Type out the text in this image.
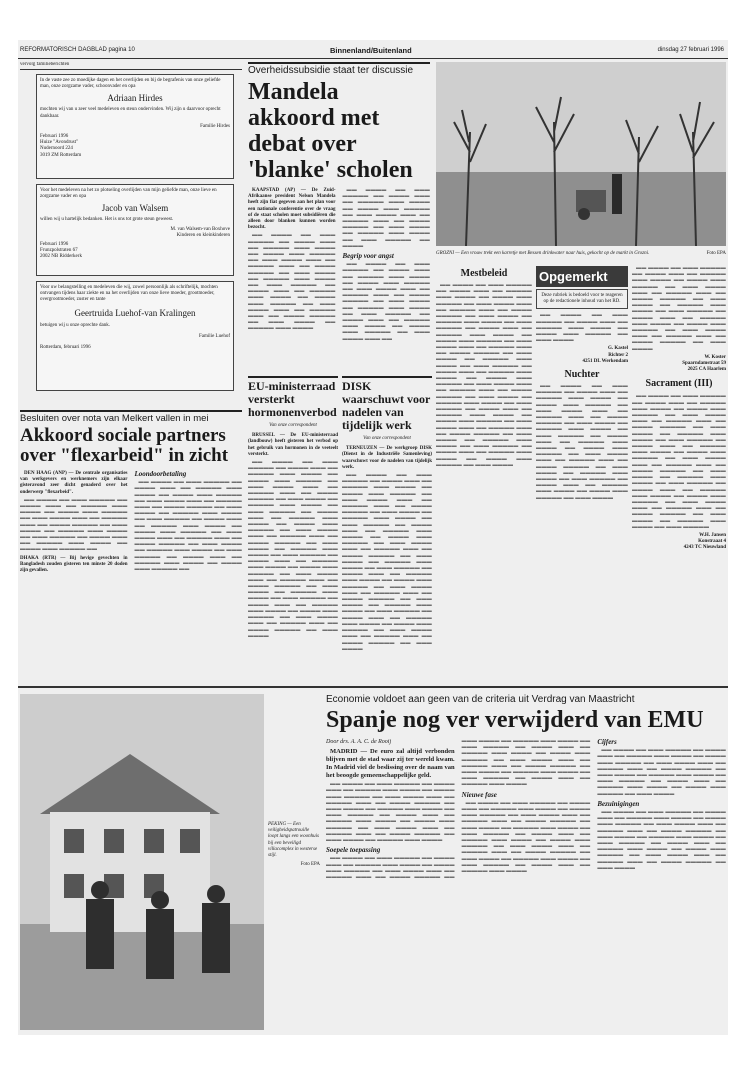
REFORMATORISCH DAGBLAD pagina 10	Binnenland/Buitenland	dinsdag 27 februari 1996
vervolg familieberichten
In de vaste zee zo moedijke dagen en het overlijden en bij de begrafenis van onze geliefde man, onze zorgzame vader, schoonvader en opa
Adriaan Hirdes
mochten wij van u zeer veel medeleven en steun ondervinden. Wij zijn u daarvoor oprecht dankbaar.
Familie Hirdes
Februari 1996
Huize "Avondrust"
Nudernoord 224
3019 ZM Rotterdam
Voor het medeleven na het zo plotseling overlijden van mijn geliefde man, onze lieve en zorgzame vader en opa
Jacob van Walsem
willen wij u hartelijk bedanken. Het is ons tot grote steun geweest.
M. van Walsem-van Boxhove
Kinderen en kleinkinderen
Februari 1996
Frunzpolstraten 67
2002 NB Ridderkerk
Voor uw belangstelling en medeleven die wij, zowel persoonlijk als schriftelijk, mochten ontvangen tijdens haar ziekte en na het overlijden van onze lieve moeder, grootmoeder, overgrootmoeder, zuster en tante
Geertruida Luehof-van Kralingen
betuigen wij u onze oprechte dank.
Familie Luehof
Rotterdam, februari 1996
Overheidssubsidie staat ter discussie
Mandela akkoord met debat over 'blanke' scholen

KAAPSTAD (AP) — De Zuid-Afrikaanse president Nelson Mandela heeft zijn fiat gegeven aan het plan voor een nationale conferentie over de vraag of de staat scholen moet subsidiëren die alleen door blanken kunnen worden bezocht.

▬▬ ▬▬▬▬ ▬▬ ▬▬▬ ▬▬▬▬▬ ▬▬ ▬▬▬▬ ▬▬▬ ▬▬ ▬▬▬▬▬ ▬▬▬ ▬▬▬▬ ▬▬ ▬▬▬▬ ▬▬▬ ▬▬▬▬▬ ▬▬ ▬▬▬ ▬▬▬▬ ▬▬▬ ▬▬ ▬▬▬▬▬ ▬▬▬ ▬▬ ▬▬▬▬ ▬▬▬▬▬ ▬▬ ▬▬▬ ▬▬▬▬ ▬▬ ▬▬▬▬▬ ▬▬▬ ▬▬▬▬ ▬▬ ▬▬▬ ▬▬▬▬▬ ▬▬ ▬▬▬▬ ▬▬▬ ▬▬ ▬▬▬▬▬ ▬▬▬ ▬▬▬▬ ▬▬ ▬▬▬▬ ▬▬▬ ▬▬▬▬▬ ▬▬ ▬▬▬ ▬▬▬▬ ▬▬▬ ▬▬ ▬▬▬▬▬ ▬▬▬ ▬▬ ▬▬▬▬ ▬▬▬▬▬ ▬▬ ▬▬▬ ▬▬▬▬ ▬▬ ▬▬▬▬▬ ▬▬▬ ▬▬▬▬

▬▬ ▬▬▬▬ ▬▬ ▬▬▬ ▬▬▬▬▬ ▬▬ ▬▬▬▬ ▬▬▬ ▬▬ ▬▬▬▬▬ ▬▬▬ ▬▬▬▬ ▬▬ ▬▬▬▬ ▬▬▬ ▬▬▬▬▬ ▬▬ ▬▬▬ ▬▬▬▬ ▬▬▬ ▬▬ ▬▬▬▬▬ ▬▬▬ ▬▬ ▬▬▬▬ ▬▬▬▬▬ ▬▬ ▬▬▬ ▬▬▬▬ ▬▬ ▬▬▬▬▬ ▬▬▬ ▬▬▬▬ ▬▬ ▬▬▬ ▬▬▬▬▬ ▬▬ ▬▬▬▬

Begrip voor angst

▬▬ ▬▬▬▬ ▬▬ ▬▬▬ ▬▬▬▬▬ ▬▬ ▬▬▬▬ ▬▬▬ ▬▬ ▬▬▬▬▬ ▬▬▬ ▬▬▬▬ ▬▬ ▬▬▬▬ ▬▬▬ ▬▬▬▬▬ ▬▬ ▬▬▬ ▬▬▬▬ ▬▬▬ ▬▬ ▬▬▬▬▬ ▬▬▬ ▬▬ ▬▬▬▬ ▬▬▬▬▬ ▬▬ ▬▬▬ ▬▬▬▬ ▬▬ ▬▬▬▬▬ ▬▬▬ ▬▬▬▬ ▬▬ ▬▬▬ ▬▬▬▬▬ ▬▬ ▬▬▬▬ ▬▬▬ ▬▬ ▬▬▬▬▬ ▬▬▬ ▬▬▬▬ ▬▬ ▬▬▬▬ ▬▬▬ ▬▬▬▬▬ ▬▬ ▬▬▬ ▬▬▬▬ ▬▬▬ ▬▬

GROZNI — Een vrouw trekt een karretje met Bessen drinkwater naar huis, gekocht op de markt in Grozni.	Foto EPA
EU-ministerraad versterkt hormonenverbod
Van onze correspondent

BRUSSEL — De EU-ministerraad (landbouw) heeft gisteren het verbod op het gebruik van hormonen in de veeteelt versterkt.

▬▬ ▬▬▬▬ ▬▬ ▬▬▬ ▬▬▬▬▬ ▬▬ ▬▬▬▬ ▬▬▬ ▬▬ ▬▬▬▬▬ ▬▬▬ ▬▬▬▬ ▬▬ ▬▬▬▬ ▬▬▬ ▬▬▬▬▬ ▬▬ ▬▬▬ ▬▬▬▬ ▬▬▬ ▬▬ ▬▬▬▬▬ ▬▬▬ ▬▬ ▬▬▬▬ ▬▬▬▬▬ ▬▬ ▬▬▬ ▬▬▬▬ ▬▬ ▬▬▬▬▬ ▬▬▬ ▬▬▬▬ ▬▬ ▬▬▬ ▬▬▬▬▬ ▬▬ ▬▬▬▬ ▬▬▬ ▬▬ ▬▬▬▬▬ ▬▬▬ ▬▬▬▬ ▬▬ ▬▬▬▬ ▬▬▬ ▬▬▬▬▬ ▬▬ ▬▬▬ ▬▬▬▬ ▬▬▬ ▬▬ ▬▬▬▬▬ ▬▬▬ ▬▬ ▬▬▬▬ ▬▬▬▬▬ ▬▬ ▬▬▬ ▬▬▬▬ ▬▬ ▬▬▬▬▬ ▬▬▬ ▬▬▬▬ ▬▬ ▬▬▬ ▬▬▬▬▬ ▬▬ ▬▬▬▬ ▬▬▬ ▬▬ ▬▬▬▬▬ ▬▬▬ ▬▬▬▬ ▬▬ ▬▬▬▬ ▬▬▬ ▬▬▬▬▬ ▬▬ ▬▬▬ ▬▬▬▬ ▬▬▬ ▬▬ ▬▬▬▬▬ ▬▬▬ ▬▬ ▬▬▬▬ ▬▬▬▬▬ ▬▬ ▬▬▬ ▬▬▬▬ ▬▬ ▬▬▬▬▬ ▬▬▬ ▬▬▬▬ ▬▬ ▬▬▬ ▬▬▬▬▬ ▬▬ ▬▬▬▬ ▬▬▬ ▬▬ ▬▬▬▬▬ ▬▬▬ ▬▬▬▬ ▬▬ ▬▬▬▬ ▬▬▬ ▬▬▬▬▬ ▬▬ ▬▬▬ ▬▬▬▬ ▬▬▬ ▬▬ ▬▬▬▬▬ ▬▬▬ ▬▬ ▬▬▬▬ ▬▬▬▬▬ ▬▬ ▬▬▬ ▬▬▬▬

DISK waarschuwt voor nadelen van tijdelijk werk
Van onze correspondent

TERNEUZEN — De werkgroep DISK (Dienst in de Industriële Samenleving) waarschuwt voor de nadelen van tijdelijk werk.

▬▬ ▬▬▬▬ ▬▬ ▬▬▬ ▬▬▬▬▬ ▬▬ ▬▬▬▬ ▬▬▬ ▬▬ ▬▬▬▬▬ ▬▬▬ ▬▬▬▬ ▬▬ ▬▬▬▬ ▬▬▬ ▬▬▬▬▬ ▬▬ ▬▬▬ ▬▬▬▬ ▬▬▬ ▬▬ ▬▬▬▬▬ ▬▬▬ ▬▬ ▬▬▬▬ ▬▬▬▬▬ ▬▬ ▬▬▬ ▬▬▬▬ ▬▬ ▬▬▬▬▬ ▬▬▬ ▬▬▬▬ ▬▬ ▬▬▬ ▬▬▬▬▬ ▬▬ ▬▬▬▬ ▬▬▬ ▬▬ ▬▬▬▬▬ ▬▬▬ ▬▬▬▬ ▬▬ ▬▬▬▬ ▬▬▬ ▬▬▬▬▬ ▬▬ ▬▬▬ ▬▬▬▬ ▬▬▬ ▬▬ ▬▬▬▬▬ ▬▬▬ ▬▬ ▬▬▬▬ ▬▬▬▬▬ ▬▬ ▬▬▬ ▬▬▬▬ ▬▬ ▬▬▬▬▬ ▬▬▬ ▬▬▬▬ ▬▬ ▬▬▬ ▬▬▬▬▬ ▬▬ ▬▬▬▬ ▬▬▬ ▬▬ ▬▬▬▬▬ ▬▬▬ ▬▬▬▬ ▬▬ ▬▬▬▬ ▬▬▬ ▬▬▬▬▬ ▬▬ ▬▬▬ ▬▬▬▬ ▬▬▬ ▬▬ ▬▬▬▬▬ ▬▬▬ ▬▬ ▬▬▬▬ ▬▬▬▬▬ ▬▬ ▬▬▬ ▬▬▬▬ ▬▬ ▬▬▬▬▬ ▬▬▬ ▬▬▬▬ ▬▬ ▬▬▬ ▬▬▬▬▬ ▬▬ ▬▬▬▬ ▬▬▬ ▬▬ ▬▬▬▬▬ ▬▬▬ ▬▬▬▬ ▬▬ ▬▬▬▬ ▬▬▬ ▬▬▬▬▬ ▬▬ ▬▬▬ ▬▬▬▬ ▬▬▬ ▬▬ ▬▬▬▬▬ ▬▬▬ ▬▬ ▬▬▬▬ ▬▬▬▬▬ ▬▬ ▬▬▬ ▬▬▬▬

Besluiten over nota van Melkert vallen in mei
Akkoord sociale partners over "flexarbeid" in zicht

DEN HAAG (ANP) — De centrale organisaties van werkgevers en werknemers zijn elkaar gisteravond zeer dicht genaderd over het onderwerp "flexarbeid".

▬▬ ▬▬▬▬ ▬▬ ▬▬▬ ▬▬▬▬▬ ▬▬ ▬▬▬▬ ▬▬▬ ▬▬ ▬▬▬▬▬ ▬▬▬ ▬▬▬▬ ▬▬ ▬▬▬▬ ▬▬▬ ▬▬▬▬▬ ▬▬ ▬▬▬ ▬▬▬▬ ▬▬▬ ▬▬ ▬▬▬▬▬ ▬▬▬ ▬▬ ▬▬▬▬ ▬▬▬▬▬ ▬▬ ▬▬▬ ▬▬▬▬ ▬▬ ▬▬▬▬▬ ▬▬▬ ▬▬▬▬ ▬▬ ▬▬▬ ▬▬▬▬▬ ▬▬ ▬▬▬▬ ▬▬▬ ▬▬ ▬▬▬▬▬ ▬▬▬ ▬▬▬▬ ▬▬ ▬▬▬▬ ▬▬▬ ▬▬▬▬▬ ▬▬

DHAKA (RTR) — Bij hevige gevechten in Bangladesh zouden gisteren ten minste 20 doden zijn gevallen.

Loondoorbetaling

▬▬ ▬▬▬▬ ▬▬ ▬▬▬ ▬▬▬▬▬ ▬▬ ▬▬▬▬ ▬▬▬ ▬▬ ▬▬▬▬▬ ▬▬▬ ▬▬▬▬ ▬▬ ▬▬▬▬ ▬▬▬ ▬▬▬▬▬ ▬▬ ▬▬▬ ▬▬▬▬ ▬▬▬ ▬▬ ▬▬▬▬▬ ▬▬▬ ▬▬ ▬▬▬▬ ▬▬▬▬▬ ▬▬ ▬▬▬ ▬▬▬▬ ▬▬ ▬▬▬▬▬ ▬▬▬ ▬▬▬▬ ▬▬ ▬▬▬ ▬▬▬▬▬ ▬▬ ▬▬▬▬ ▬▬▬ ▬▬ ▬▬▬▬▬ ▬▬▬ ▬▬▬▬ ▬▬ ▬▬▬▬ ▬▬▬ ▬▬▬▬▬ ▬▬ ▬▬▬ ▬▬▬▬ ▬▬▬ ▬▬ ▬▬▬▬▬ ▬▬▬ ▬▬ ▬▬▬▬ ▬▬▬▬▬ ▬▬ ▬▬▬ ▬▬▬▬ ▬▬ ▬▬▬▬▬ ▬▬▬ ▬▬▬▬ ▬▬ ▬▬▬ ▬▬▬▬▬ ▬▬ ▬▬▬▬ ▬▬▬ ▬▬ ▬▬▬▬▬ ▬▬▬ ▬▬▬▬ ▬▬ ▬▬▬▬ ▬▬▬ ▬▬▬▬▬ ▬▬

Mestbeleid

▬▬ ▬▬▬▬ ▬▬ ▬▬▬ ▬▬▬▬▬ ▬▬ ▬▬▬▬ ▬▬▬ ▬▬ ▬▬▬▬▬ ▬▬▬ ▬▬▬▬ ▬▬ ▬▬▬▬ ▬▬▬ ▬▬▬▬▬ ▬▬ ▬▬▬ ▬▬▬▬ ▬▬▬ ▬▬ ▬▬▬▬▬ ▬▬▬ ▬▬ ▬▬▬▬ ▬▬▬▬▬ ▬▬ ▬▬▬ ▬▬▬▬ ▬▬ ▬▬▬▬▬ ▬▬▬ ▬▬▬▬ ▬▬ ▬▬▬ ▬▬▬▬▬ ▬▬ ▬▬▬▬ ▬▬▬ ▬▬ ▬▬▬▬▬ ▬▬▬ ▬▬▬▬ ▬▬ ▬▬▬▬ ▬▬▬ ▬▬▬▬▬ ▬▬ ▬▬▬ ▬▬▬▬ ▬▬▬ ▬▬ ▬▬▬▬▬ ▬▬▬ ▬▬ ▬▬▬▬ ▬▬▬▬▬ ▬▬ ▬▬▬ ▬▬▬▬ ▬▬ ▬▬▬▬▬ ▬▬▬ ▬▬▬▬ ▬▬ ▬▬▬ ▬▬▬▬▬ ▬▬ ▬▬▬▬ ▬▬▬ ▬▬ ▬▬▬▬▬ ▬▬▬ ▬▬▬▬ ▬▬ ▬▬▬▬ ▬▬▬ ▬▬▬▬▬ ▬▬ ▬▬▬ ▬▬▬▬ ▬▬▬ ▬▬ ▬▬▬▬▬ ▬▬▬ ▬▬ ▬▬▬▬ ▬▬▬▬▬ ▬▬ ▬▬▬ ▬▬▬▬ ▬▬ ▬▬▬▬▬ ▬▬▬ ▬▬▬▬ ▬▬ ▬▬▬ ▬▬▬▬▬ ▬▬ ▬▬▬▬ ▬▬▬ ▬▬ ▬▬▬▬▬ ▬▬▬ ▬▬▬▬ ▬▬ ▬▬▬▬ ▬▬▬ ▬▬▬▬▬ ▬▬ ▬▬▬ ▬▬▬▬ ▬▬▬ ▬▬ ▬▬▬▬▬ ▬▬▬ ▬▬ ▬▬▬▬ ▬▬▬▬▬ ▬▬ ▬▬▬ ▬▬▬▬ ▬▬ ▬▬▬▬▬ ▬▬▬ ▬▬▬▬ ▬▬ ▬▬▬ ▬▬▬▬▬ ▬▬ ▬▬▬▬ ▬▬▬ ▬▬ ▬▬▬▬▬ ▬▬▬ ▬▬▬▬ ▬▬ ▬▬▬▬ ▬▬▬ ▬▬▬▬▬ ▬▬ ▬▬▬ ▬▬▬▬

Opgemerkt
Deze rubriek is bedoeld voor te reageren op de redactionele inhoud van het RD.

▬▬ ▬▬▬▬ ▬▬ ▬▬▬ ▬▬▬▬▬ ▬▬ ▬▬▬▬ ▬▬▬ ▬▬ ▬▬▬▬▬ ▬▬▬ ▬▬▬▬ ▬▬ ▬▬▬▬ ▬▬▬ ▬▬▬▬▬ ▬▬ ▬▬▬ ▬▬▬▬

G. Kastel
Richter 2
4251 DL Werkendam
Nuchter

▬▬ ▬▬▬▬ ▬▬ ▬▬▬ ▬▬▬▬▬ ▬▬ ▬▬▬▬ ▬▬▬ ▬▬ ▬▬▬▬▬ ▬▬▬ ▬▬▬▬ ▬▬ ▬▬▬▬ ▬▬▬ ▬▬▬▬▬ ▬▬ ▬▬▬ ▬▬▬▬ ▬▬▬ ▬▬ ▬▬▬▬▬ ▬▬▬ ▬▬ ▬▬▬▬ ▬▬▬▬▬ ▬▬ ▬▬▬ ▬▬▬▬ ▬▬ ▬▬▬▬▬ ▬▬▬ ▬▬▬▬ ▬▬ ▬▬▬ ▬▬▬▬▬ ▬▬ ▬▬▬▬ ▬▬▬ ▬▬ ▬▬▬▬▬ ▬▬▬ ▬▬▬▬ ▬▬ ▬▬▬▬ ▬▬▬ ▬▬▬▬▬ ▬▬ ▬▬▬ ▬▬▬▬ ▬▬▬ ▬▬ ▬▬▬▬▬ ▬▬▬ ▬▬ ▬▬▬▬ ▬▬▬▬▬ ▬▬ ▬▬▬ ▬▬▬▬ ▬▬ ▬▬▬▬▬ ▬▬▬ ▬▬▬▬ ▬▬ ▬▬▬ ▬▬▬▬▬ ▬▬ ▬▬▬▬ ▬▬▬ ▬▬ ▬▬▬▬▬ ▬▬▬ ▬▬▬▬ ▬▬ ▬▬▬▬ ▬▬▬ ▬▬▬▬▬ ▬▬ ▬▬▬ ▬▬▬▬

▬▬ ▬▬▬▬ ▬▬ ▬▬▬ ▬▬▬▬▬ ▬▬ ▬▬▬▬ ▬▬▬ ▬▬ ▬▬▬▬▬ ▬▬▬ ▬▬▬▬ ▬▬ ▬▬▬▬ ▬▬▬ ▬▬▬▬▬ ▬▬ ▬▬▬ ▬▬▬▬ ▬▬▬ ▬▬ ▬▬▬▬▬ ▬▬▬ ▬▬ ▬▬▬▬ ▬▬▬▬▬ ▬▬ ▬▬▬ ▬▬▬▬ ▬▬ ▬▬▬▬▬ ▬▬▬ ▬▬▬▬ ▬▬ ▬▬▬ ▬▬▬▬▬ ▬▬ ▬▬▬▬ ▬▬▬ ▬▬ ▬▬▬▬▬ ▬▬▬ ▬▬▬▬ ▬▬ ▬▬▬▬ ▬▬▬ ▬▬▬▬▬ ▬▬ ▬▬▬ ▬▬▬▬ ▬▬▬ ▬▬ ▬▬▬▬▬ ▬▬▬ ▬▬ ▬▬▬▬ ▬▬▬▬▬ ▬▬ ▬▬▬ ▬▬▬▬

W. Koster
Spaarndamstraat 59
2025 CA Haarlem
Sacrament (III)

▬▬ ▬▬▬▬ ▬▬ ▬▬▬ ▬▬▬▬▬ ▬▬ ▬▬▬▬ ▬▬▬ ▬▬ ▬▬▬▬▬ ▬▬▬ ▬▬▬▬ ▬▬ ▬▬▬▬ ▬▬▬ ▬▬▬▬▬ ▬▬ ▬▬▬ ▬▬▬▬ ▬▬▬ ▬▬ ▬▬▬▬▬ ▬▬▬ ▬▬ ▬▬▬▬ ▬▬▬▬▬ ▬▬ ▬▬▬ ▬▬▬▬ ▬▬ ▬▬▬▬▬ ▬▬▬ ▬▬▬▬ ▬▬ ▬▬▬ ▬▬▬▬▬ ▬▬ ▬▬▬▬ ▬▬▬ ▬▬ ▬▬▬▬▬ ▬▬▬ ▬▬▬▬ ▬▬ ▬▬▬▬ ▬▬▬ ▬▬▬▬▬ ▬▬ ▬▬▬ ▬▬▬▬ ▬▬▬ ▬▬ ▬▬▬▬▬ ▬▬▬ ▬▬ ▬▬▬▬ ▬▬▬▬▬ ▬▬ ▬▬▬ ▬▬▬▬ ▬▬ ▬▬▬▬▬ ▬▬▬ ▬▬▬▬ ▬▬ ▬▬▬ ▬▬▬▬▬ ▬▬ ▬▬▬▬ ▬▬▬ ▬▬ ▬▬▬▬▬ ▬▬▬ ▬▬▬▬ ▬▬ ▬▬▬▬ ▬▬▬ ▬▬▬▬▬ ▬▬ ▬▬▬ ▬▬▬▬ ▬▬▬ ▬▬ ▬▬▬▬▬ ▬▬▬ ▬▬ ▬▬▬▬ ▬▬▬▬▬ ▬▬ ▬▬▬ ▬▬▬▬ ▬▬ ▬▬▬▬▬ ▬▬▬ ▬▬▬▬ ▬▬ ▬▬▬ ▬▬▬▬▬

W.H. Jansen
Konstraaat 4
4243 TC Nieuwland
PEKING — Een veiligheidspatrouille loopt langs een woonhuis bij een beveiligd villacomplex in westerse stijl.
Foto EPA
Economie voldoet aan geen van de criteria uit Verdrag van Maastricht
Spanje nog ver verwijderd van EMU
Door drs. A. A. C. de Rooij

MADRID — De euro zal altijd verbonden blijven met de stad waar zij ter wereld kwam. In Madrid viel de beslissing over de naam van het beoogde gemeenschappelijke geld.

▬▬ ▬▬▬▬ ▬▬ ▬▬▬ ▬▬▬▬▬ ▬▬ ▬▬▬▬ ▬▬▬ ▬▬ ▬▬▬▬▬ ▬▬▬ ▬▬▬▬ ▬▬ ▬▬▬▬ ▬▬▬ ▬▬▬▬▬ ▬▬ ▬▬▬ ▬▬▬▬ ▬▬▬ ▬▬ ▬▬▬▬▬ ▬▬▬ ▬▬ ▬▬▬▬ ▬▬▬▬▬ ▬▬ ▬▬▬ ▬▬▬▬ ▬▬ ▬▬▬▬▬ ▬▬▬ ▬▬▬▬ ▬▬ ▬▬▬ ▬▬▬▬▬ ▬▬ ▬▬▬▬ ▬▬▬ ▬▬ ▬▬▬▬▬ ▬▬▬ ▬▬▬▬ ▬▬ ▬▬▬▬ ▬▬▬ ▬▬▬▬▬ ▬▬ ▬▬▬ ▬▬▬▬ ▬▬▬ ▬▬ ▬▬▬▬▬ ▬▬▬ ▬▬ ▬▬▬▬ ▬▬▬▬▬ ▬▬ ▬▬▬ ▬▬▬▬ ▬▬ ▬▬▬▬▬ ▬▬▬ ▬▬▬▬

Soepele toepassing

▬▬ ▬▬▬▬ ▬▬ ▬▬▬ ▬▬▬▬▬ ▬▬ ▬▬▬▬ ▬▬▬ ▬▬ ▬▬▬▬▬ ▬▬▬ ▬▬▬▬ ▬▬ ▬▬▬▬ ▬▬▬ ▬▬▬▬▬ ▬▬ ▬▬▬ ▬▬▬▬ ▬▬▬ ▬▬ ▬▬▬▬▬ ▬▬▬ ▬▬ ▬▬▬▬ ▬▬▬▬▬ ▬▬ ▬▬▬ ▬▬▬▬ ▬▬ ▬▬▬▬▬ ▬▬▬ ▬▬▬▬ ▬▬ ▬▬▬ ▬▬▬▬▬ ▬▬ ▬▬▬▬ ▬▬▬ ▬▬ ▬▬▬▬▬ ▬▬▬ ▬▬▬▬ ▬▬ ▬▬▬▬ ▬▬▬ ▬▬▬▬▬ ▬▬ ▬▬▬ ▬▬▬▬ ▬▬▬ ▬▬ ▬▬▬▬▬ ▬▬▬ ▬▬ ▬▬▬▬ ▬▬▬▬▬ ▬▬ ▬▬▬ ▬▬▬▬ ▬▬ ▬▬▬▬▬ ▬▬▬ ▬▬▬▬ ▬▬ ▬▬▬ ▬▬▬▬▬ ▬▬ ▬▬▬▬ ▬▬▬ ▬▬ ▬▬▬▬▬ ▬▬▬ ▬▬▬▬

Nieuwe fase

▬▬ ▬▬▬▬ ▬▬ ▬▬▬ ▬▬▬▬▬ ▬▬ ▬▬▬▬ ▬▬▬ ▬▬ ▬▬▬▬▬ ▬▬▬ ▬▬▬▬ ▬▬ ▬▬▬▬ ▬▬▬ ▬▬▬▬▬ ▬▬ ▬▬▬ ▬▬▬▬ ▬▬▬ ▬▬ ▬▬▬▬▬ ▬▬▬ ▬▬ ▬▬▬▬ ▬▬▬▬▬ ▬▬ ▬▬▬ ▬▬▬▬ ▬▬ ▬▬▬▬▬ ▬▬▬ ▬▬▬▬ ▬▬ ▬▬▬ ▬▬▬▬▬ ▬▬ ▬▬▬▬ ▬▬▬ ▬▬ ▬▬▬▬▬ ▬▬▬ ▬▬▬▬ ▬▬ ▬▬▬▬ ▬▬▬ ▬▬▬▬▬ ▬▬ ▬▬▬ ▬▬▬▬ ▬▬▬ ▬▬ ▬▬▬▬▬ ▬▬▬ ▬▬ ▬▬▬▬ ▬▬▬▬▬ ▬▬ ▬▬▬ ▬▬▬▬ ▬▬ ▬▬▬▬▬ ▬▬▬ ▬▬▬▬ ▬▬ ▬▬▬ ▬▬▬▬▬ ▬▬ ▬▬▬▬ ▬▬▬ ▬▬ ▬▬▬▬▬ ▬▬▬ ▬▬▬▬

Cijfers

▬▬ ▬▬▬▬ ▬▬ ▬▬▬ ▬▬▬▬▬ ▬▬ ▬▬▬▬ ▬▬▬ ▬▬ ▬▬▬▬▬ ▬▬▬ ▬▬▬▬ ▬▬ ▬▬▬▬ ▬▬▬ ▬▬▬▬▬ ▬▬ ▬▬▬ ▬▬▬▬ ▬▬▬ ▬▬ ▬▬▬▬▬ ▬▬▬ ▬▬ ▬▬▬▬ ▬▬▬▬▬ ▬▬ ▬▬▬ ▬▬▬▬ ▬▬ ▬▬▬▬▬ ▬▬▬ ▬▬▬▬ ▬▬ ▬▬▬ ▬▬▬▬▬ ▬▬ ▬▬▬▬ ▬▬▬ ▬▬ ▬▬▬▬▬ ▬▬▬ ▬▬▬▬ ▬▬ ▬▬▬▬ ▬▬▬ ▬▬▬▬▬ ▬▬ ▬▬▬ ▬▬▬▬

Bezuinigingen

▬▬ ▬▬▬▬ ▬▬ ▬▬▬ ▬▬▬▬▬ ▬▬ ▬▬▬▬ ▬▬▬ ▬▬ ▬▬▬▬▬ ▬▬▬ ▬▬▬▬ ▬▬ ▬▬▬▬ ▬▬▬ ▬▬▬▬▬ ▬▬ ▬▬▬ ▬▬▬▬ ▬▬▬ ▬▬ ▬▬▬▬▬ ▬▬▬ ▬▬ ▬▬▬▬ ▬▬▬▬▬ ▬▬ ▬▬▬ ▬▬▬▬ ▬▬ ▬▬▬▬▬ ▬▬▬ ▬▬▬▬ ▬▬ ▬▬▬ ▬▬▬▬▬ ▬▬ ▬▬▬▬ ▬▬▬ ▬▬ ▬▬▬▬▬ ▬▬▬ ▬▬▬▬ ▬▬ ▬▬▬▬ ▬▬▬ ▬▬▬▬▬ ▬▬ ▬▬▬ ▬▬▬▬ ▬▬▬ ▬▬ ▬▬▬▬▬ ▬▬▬ ▬▬ ▬▬▬▬ ▬▬▬▬▬ ▬▬ ▬▬▬ ▬▬▬▬
